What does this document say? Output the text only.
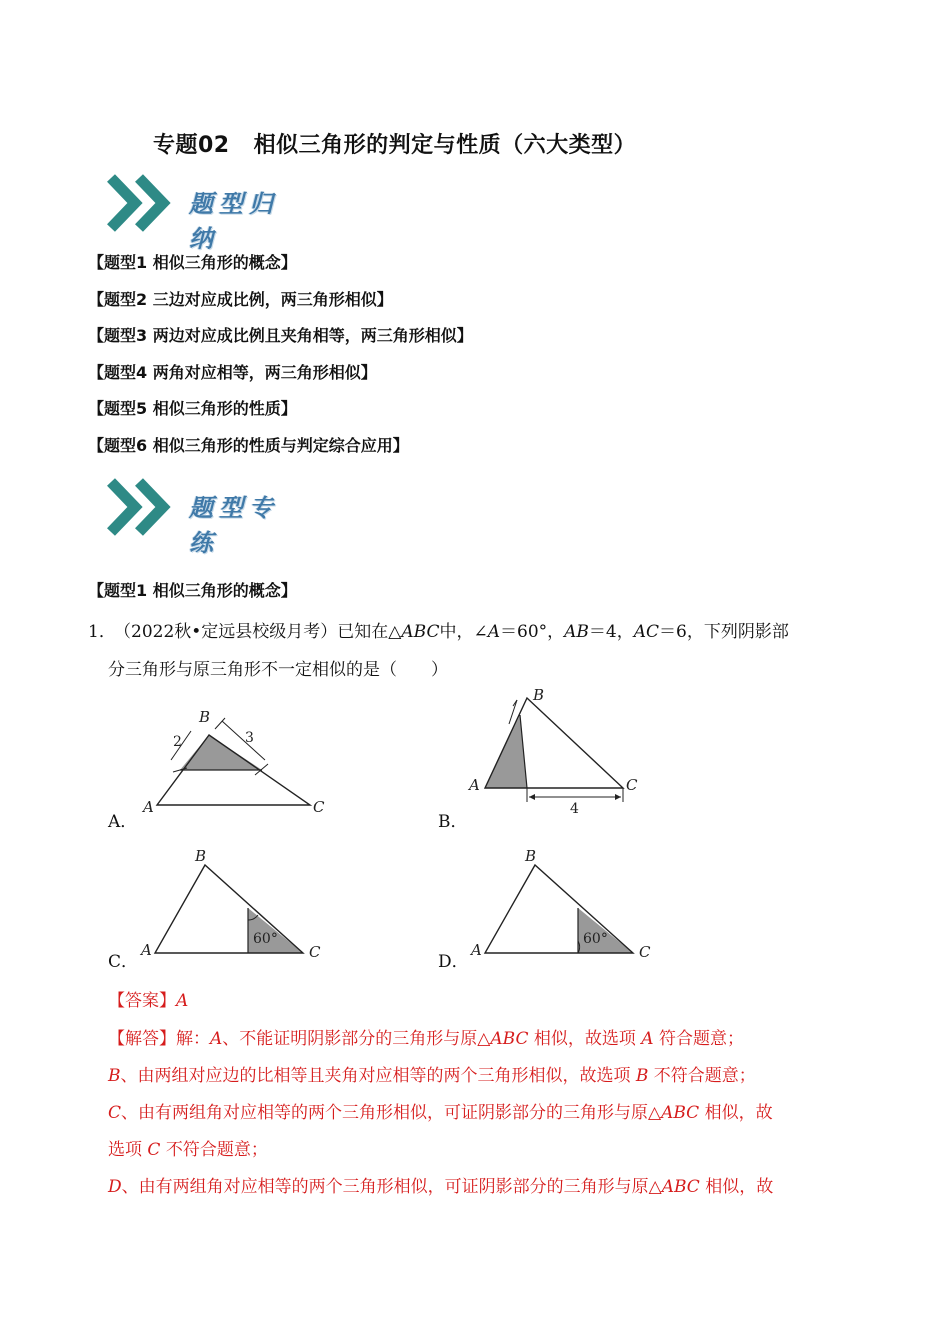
专题02 相似三角形的判定与性质（六大类型）
题型归纳
【题型1 相似三角形的概念】
【题型2 三边对应成比例，两三角形相似】
【题型3 两边对应成比例且夹角相等，两三角形相似】
【题型4 两角对应相等，两三角形相似】
【题型5 相似三角形的性质】
【题型6 相似三角形的性质与判定综合应用】
题型专练
【题型1 相似三角形的概念】
1．
（2022秋•定远县校级月考）已知在△ABC中，∠A＝60°，AB＝4，AC＝6，下列阴影部
分三角形与原三角形不一定相似的是（　　）
B
A	C
2	3
A．
B
A	C
4
B．
B
A	C
60°
C．
B
A	C
60°
D．
【答案】A
【解答】解：A、不能证明阴影部分的三角形与原△ABC 相似，故选项 A 符合题意；
B、由两组对应边的比相等且夹角对应相等的两个三角形相似，故选项 B 不符合题意；
C、由有两组角对应相等的两个三角形相似，可证阴影部分的三角形与原△ABC 相似，故
选项 C 不符合题意；
D、由有两组角对应相等的两个三角形相似，可证阴影部分的三角形与原△ABC 相似，故
